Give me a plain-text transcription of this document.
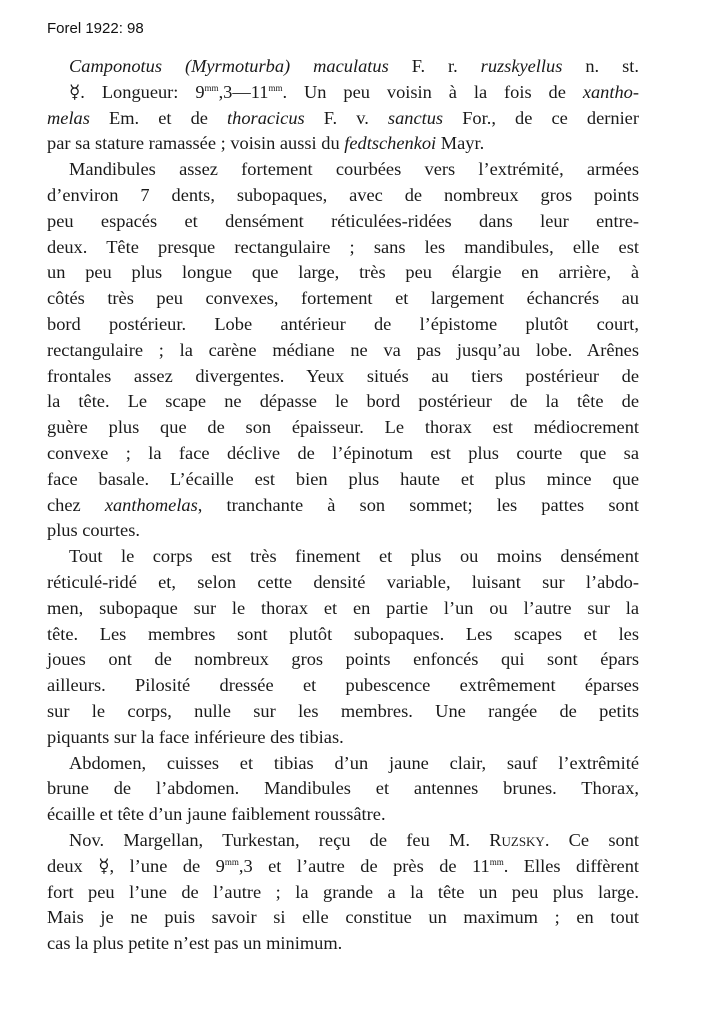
Forel 1922: 98
Camponotus (Myrmoturba) maculatus F. r. ruzskyellus n. st.
☿. Longueur: $9^{mm},3—11^{mm}$. Un peu voisin à la fois de xantho-
melas Em. et de thoracicus F. v. sanctus For., de ce dernier
par sa stature ramassée ; voisin aussi du fedtschenkoi Mayr.
Mandibules assez fortement courbées vers l’extrémité, armées
d’environ 7 dents, subopaques, avec de nombreux gros points
peu espacés et densément réticulées-ridées dans leur entre-
deux. Tête presque rectangulaire ; sans les mandibules, elle est
un peu plus longue que large, très peu élargie en arrière, à
côtés très peu convexes, fortement et largement échancrés au
bord postérieur. Lobe antérieur de l’épistome plutôt court,
rectangulaire ; la carène médiane ne va pas jusqu’au lobe. Arênes
frontales assez divergentes. Yeux situés au tiers postérieur de
la tête. Le scape ne dépasse le bord postérieur de la tête de
guère plus que de son épaisseur. Le thorax est médiocrement
convexe ; la face déclive de l’épinotum est plus courte que sa
face basale. L’écaille est bien plus haute et plus mince que
chez xanthomelas, tranchante à son sommet; les pattes sont
plus courtes.
Tout le corps est très finement et plus ou moins densément
réticulé-ridé et, selon cette densité variable, luisant sur l’abdo-
men, subopaque sur le thorax et en partie l’un ou l’autre sur la
tête. Les membres sont plutôt subopaques. Les scapes et les
joues ont de nombreux gros points enfoncés qui sont épars
ailleurs. Pilosité dressée et pubescence extrêmement éparses
sur le corps, nulle sur les membres. Une rangée de petits
piquants sur la face inférieure des tibias.
Abdomen, cuisses et tibias d’un jaune clair, sauf l’extrêmité
brune de l’abdomen. Mandibules et antennes brunes. Thorax,
écaille et tête d’un jaune faiblement roussâtre.
Nov. Margellan, Turkestan, reçu de feu M. Ruzsky. Ce sont
deux ☿, l’une de $9^{mm},3$ et l’autre de près de $11^{mm}$. Elles diffèrent
fort peu l’une de l’autre ; la grande a la tête un peu plus large.
Mais je ne puis savoir si elle constitue un maximum ; en tout
cas la plus petite n’est pas un minimum.
